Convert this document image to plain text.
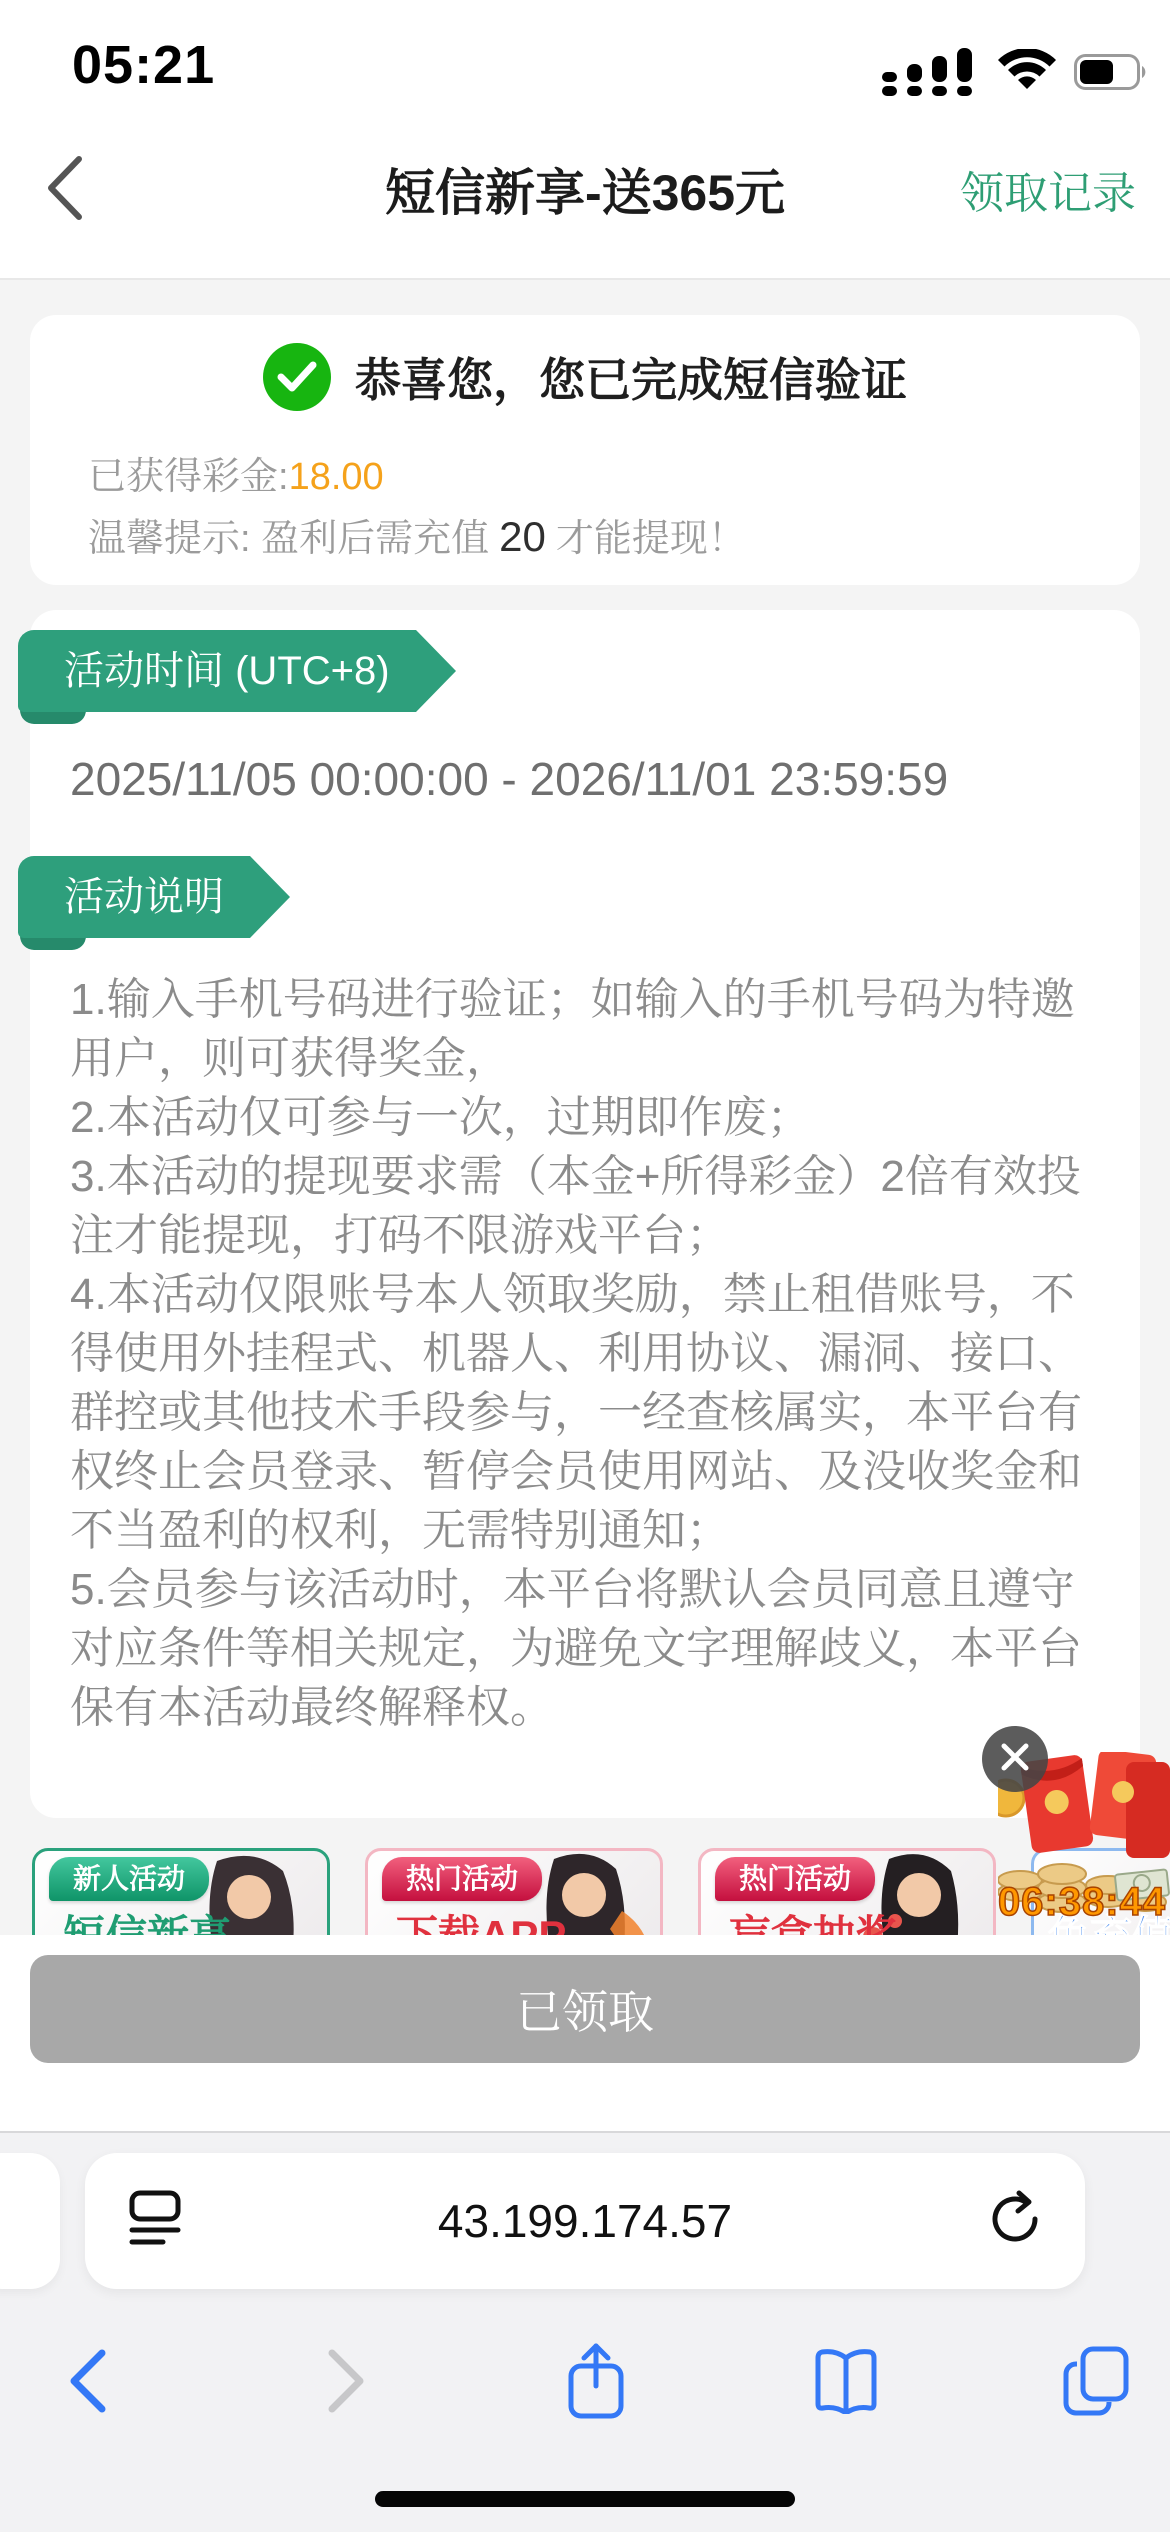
05:21
短信新享-送365元	领取记录
恭喜您，您已完成短信验证
已获得彩金:18.00
温馨提示: 盈利后需充值 20 才能提现！
活动时间 (UTC+8)
2025/11/05 00:00:00 - 2026/11/01 23:59:59
活动说明

1.输入手机号码进行验证；如输入的手机号码为特邀用户，则可获得奖金，

2.本活动仅可参与一次，过期即作废；

3.本活动的提现要求需（本金+所得彩金）2倍有效投注才能提现，打码不限游戏平台；

4.本活动仅限账号本人领取奖励，禁止租借账号，不得使用外挂程式、机器人、利用协议、漏洞、接口、群控或其他技术手段参与，一经查核属实，本平台有权终止会员登录、暂停会员使用网站、及没收奖金和不当盈利的权利，无需特别通知；

5.会员参与该活动时，本平台将默认会员同意且遵守对应条件等相关规定，为避免文字理解歧义，本平台保有本活动最终解释权。

新人活动	热门活动	热门活动
06:38:44
已领取
43.199.174.57
